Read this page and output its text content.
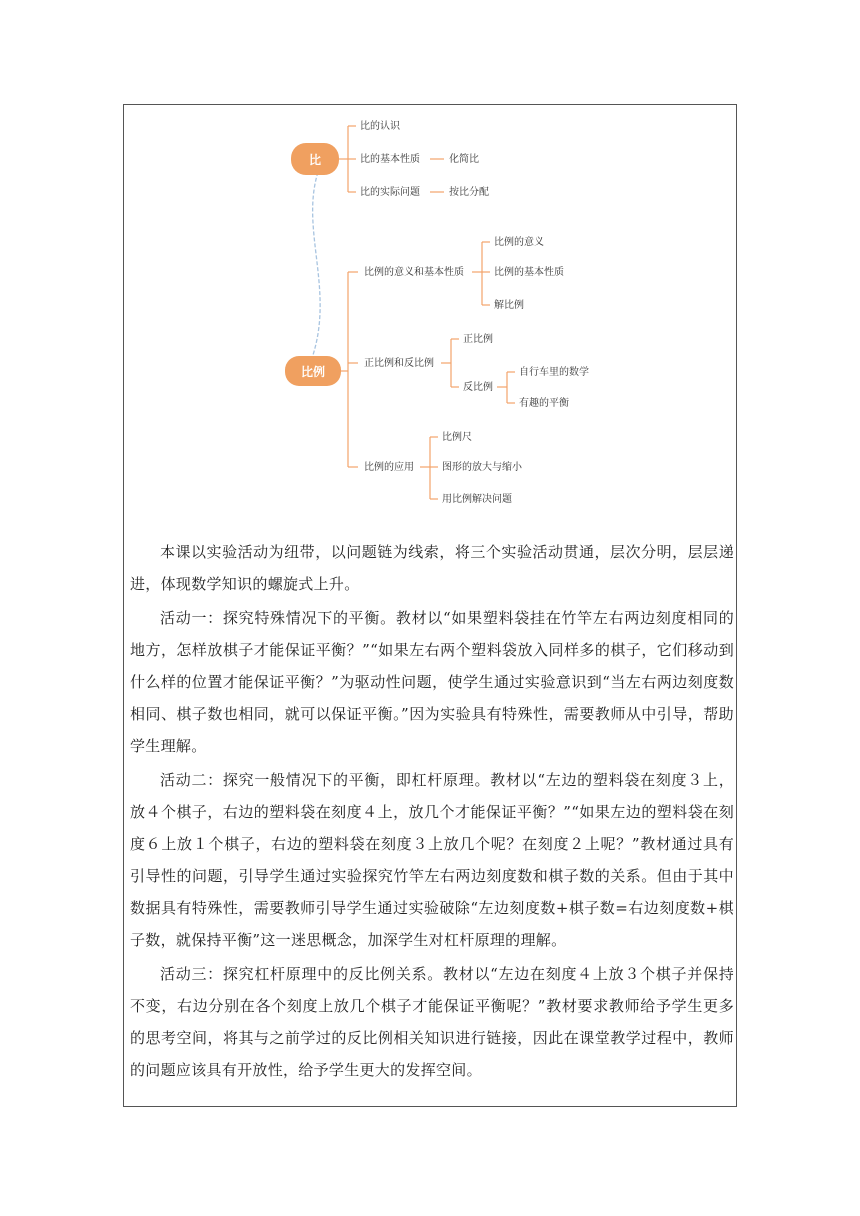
比
比的认识
比的基本性质
比的实际问题
化简比
按比分配
比例
比例的意义和基本性质
比例的意义
比例的基本性质
解比例
正比例和反比例
正比例
反比例
自行车里的数学
有趣的平衡
比例的应用
比例尺
图形的放大与缩小
用比例解决问题

本课以实验活动为纽带，以问题链为线索，将三个实验活动贯通，层次分明，层层递进，体现数学知识的螺旋式上升。

活动一：探究特殊情况下的平衡。教材以“如果塑料袋挂在竹竿左右两边刻度相同的地方，怎样放棋子才能保证平衡？”“如果左右两个塑料袋放入同样多的棋子，它们移动到什么样的位置才能保证平衡？”为驱动性问题，使学生通过实验意识到“当左右两边刻度数相同、棋子数也相同，就可以保证平衡。”因为实验具有特殊性，需要教师从中引导，帮助学生理解。

活动二：探究一般情况下的平衡，即杠杆原理。教材以“左边的塑料袋在刻度３上，放４个棋子，右边的塑料袋在刻度４上，放几个才能保证平衡？”“如果左边的塑料袋在刻度６上放１个棋子，右边的塑料袋在刻度３上放几个呢？在刻度２上呢？”教材通过具有引导性的问题，引导学生通过实验探究竹竿左右两边刻度数和棋子数的关系。但由于其中数据具有特殊性，需要教师引导学生通过实验破除“左边刻度数+棋子数=右边刻度数+棋子数，就保持平衡”这一迷思概念，加深学生对杠杆原理的理解。

活动三：探究杠杆原理中的反比例关系。教材以“左边在刻度４上放３个棋子并保持不变，右边分别在各个刻度上放几个棋子才能保证平衡呢？”教材要求教师给予学生更多的思考空间，将其与之前学过的反比例相关知识进行链接，因此在课堂教学过程中，教师的问题应该具有开放性，给予学生更大的发挥空间。
